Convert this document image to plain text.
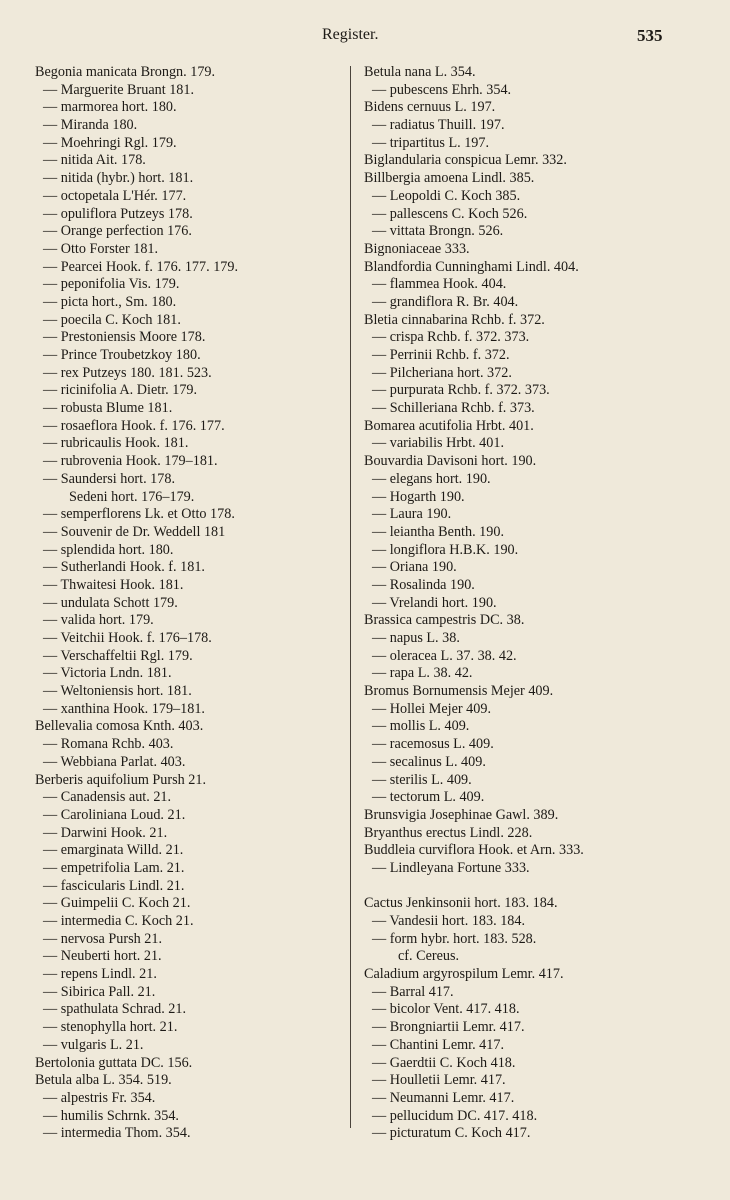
Register.	535
Begonia manicata Brongn. 179.
— Marguerite Bruant 181.
— marmorea hort. 180.
— Miranda 180.
— Moehringi Rgl. 179.
— nitida Ait. 178.
— nitida (hybr.) hort. 181.
— octopetala L'Hér. 177.
— opuliflora Putzeys 178.
— Orange perfection 176.
— Otto Forster 181.
— Pearcei Hook. f. 176. 177. 179.
— peponifolia Vis. 179.
— picta hort., Sm. 180.
— poecila C. Koch 181.
— Prestoniensis Moore 178.
— Prince Troubetzkoy 180.
— rex Putzeys 180. 181. 523.
— ricinifolia A. Dietr. 179.
— robusta Blume 181.
— rosaeflora Hook. f. 176. 177.
— rubricaulis Hook. 181.
— rubrovenia Hook. 179–181.
— Saundersi hort. 178.
Sedeni hort. 176–179.
— semperflorens Lk. et Otto 178.
— Souvenir de Dr. Weddell 181
— splendida hort. 180.
— Sutherlandi Hook. f. 181.
— Thwaitesi Hook. 181.
— undulata Schott 179.
— valida hort. 179.
— Veitchii Hook. f. 176–178.
— Verschaffeltii Rgl. 179.
— Victoria Lndn. 181.
— Weltoniensis hort. 181.
— xanthina Hook. 179–181.
Bellevalia comosa Knth. 403.
— Romana Rchb. 403.
— Webbiana Parlat. 403.
Berberis aquifolium Pursh 21.
— Canadensis aut. 21.
— Caroliniana Loud. 21.
— Darwini Hook. 21.
— emarginata Willd. 21.
— empetrifolia Lam. 21.
— fascicularis Lindl. 21.
— Guimpelii C. Koch 21.
— intermedia C. Koch 21.
— nervosa Pursh 21.
— Neuberti hort. 21.
— repens Lindl. 21.
— Sibirica Pall. 21.
— spathulata Schrad. 21.
— stenophylla hort. 21.
— vulgaris L. 21.
Bertolonia guttata DC. 156.
Betula alba L. 354. 519.
— alpestris Fr. 354.
— humilis Schrnk. 354.
— intermedia Thom. 354.
Betula nana L. 354.
— pubescens Ehrh. 354.
Bidens cernuus L. 197.
— radiatus Thuill. 197.
— tripartitus L. 197.
Biglandularia conspicua Lemr. 332.
Billbergia amoena Lindl. 385.
— Leopoldi C. Koch 385.
— pallescens C. Koch 526.
— vittata Brongn. 526.
Bignoniaceae 333.
Blandfordia Cunninghami Lindl. 404.
— flammea Hook. 404.
— grandiflora R. Br. 404.
Bletia cinnabarina Rchb. f. 372.
— crispa Rchb. f. 372. 373.
— Perrinii Rchb. f. 372.
— Pilcheriana hort. 372.
— purpurata Rchb. f. 372. 373.
— Schilleriana Rchb. f. 373.
Bomarea acutifolia Hrbt. 401.
— variabilis Hrbt. 401.
Bouvardia Davisoni hort. 190.
— elegans hort. 190.
— Hogarth 190.
— Laura 190.
— leiantha Benth. 190.
— longiflora H.B.K. 190.
— Oriana 190.
— Rosalinda 190.
— Vrelandi hort. 190.
Brassica campestris DC. 38.
— napus L. 38.
— oleracea L. 37. 38. 42.
— rapa L. 38. 42.
Bromus Bornumensis Mejer 409.
— Hollei Mejer 409.
— mollis L. 409.
— racemosus L. 409.
— secalinus L. 409.
— sterilis L. 409.
— tectorum L. 409.
Brunsvigia Josephinae Gawl. 389.
Bryanthus erectus Lindl. 228.
Buddleia curviflora Hook. et Arn. 333.
— Lindleyana Fortune 333.
Cactus Jenkinsonii hort. 183. 184.
— Vandesii hort. 183. 184.
— form hybr. hort. 183. 528.
cf. Cereus.
Caladium argyrospilum Lemr. 417.
— Barral 417.
— bicolor Vent. 417. 418.
— Brongniartii Lemr. 417.
— Chantini Lemr. 417.
— Gaerdtii C. Koch 418.
— Houlletii Lemr. 417.
— Neumanni Lemr. 417.
— pellucidum DC. 417. 418.
— picturatum C. Koch 417.
